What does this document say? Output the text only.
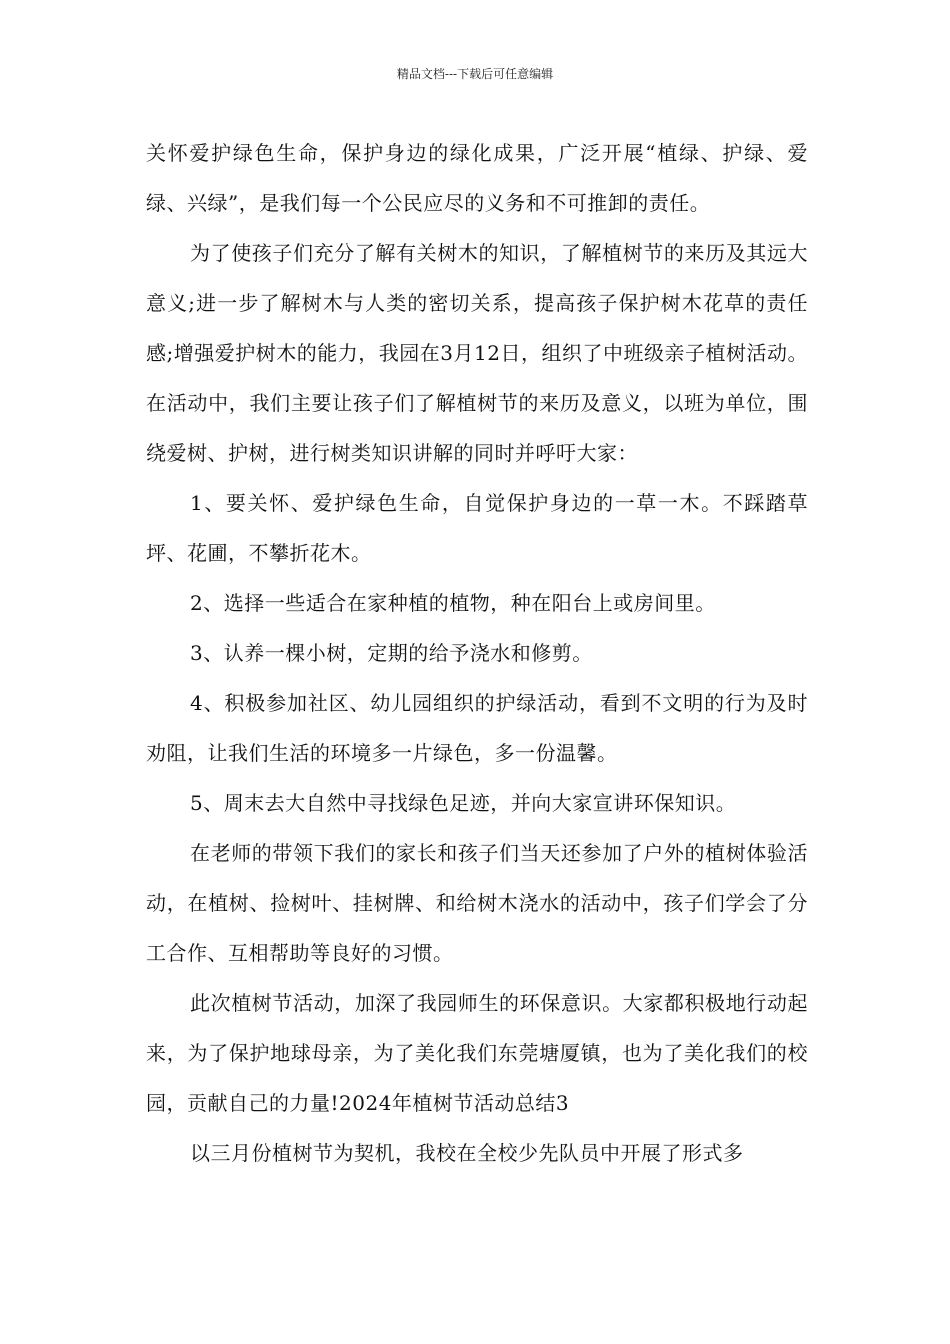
精品文档---下载后可任意编辑

关怀爱护绿色生命，保护身边的绿化成果，广泛开展“植绿、护绿、爱绿、兴绿”，是我们每一个公民应尽的义务和不可推卸的责任。

为了使孩子们充分了解有关树木的知识，了解植树节的来历及其远大意义;进一步了解树木与人类的密切关系，提高孩子保护树木花草的责任感;增强爱护树木的能力，我园在3月12日，组织了中班级亲子植树活动。在活动中，我们主要让孩子们了解植树节的来历及意义，以班为单位，围绕爱树、护树，进行树类知识讲解的同时并呼吁大家：

1、要关怀、爱护绿色生命，自觉保护身边的一草一木。不踩踏草坪、花圃，不攀折花木。

2、选择一些适合在家种植的植物，种在阳台上或房间里。

3、认养一棵小树，定期的给予浇水和修剪。

4、积极参加社区、幼儿园组织的护绿活动，看到不文明的行为及时劝阻，让我们生活的环境多一片绿色，多一份温馨。

5、周末去大自然中寻找绿色足迹，并向大家宣讲环保知识。

在老师的带领下我们的家长和孩子们当天还参加了户外的植树体验活动，在植树、捡树叶、挂树牌、和给树木浇水的活动中，孩子们学会了分工合作、互相帮助等良好的习惯。

此次植树节活动，加深了我园师生的环保意识。大家都积极地行动起来，为了保护地球母亲，为了美化我们东莞塘厦镇，也为了美化我们的校园，贡献自己的力量!2024年植树节活动总结3

以三月份植树节为契机，我校在全校少先队员中开展了形式多
